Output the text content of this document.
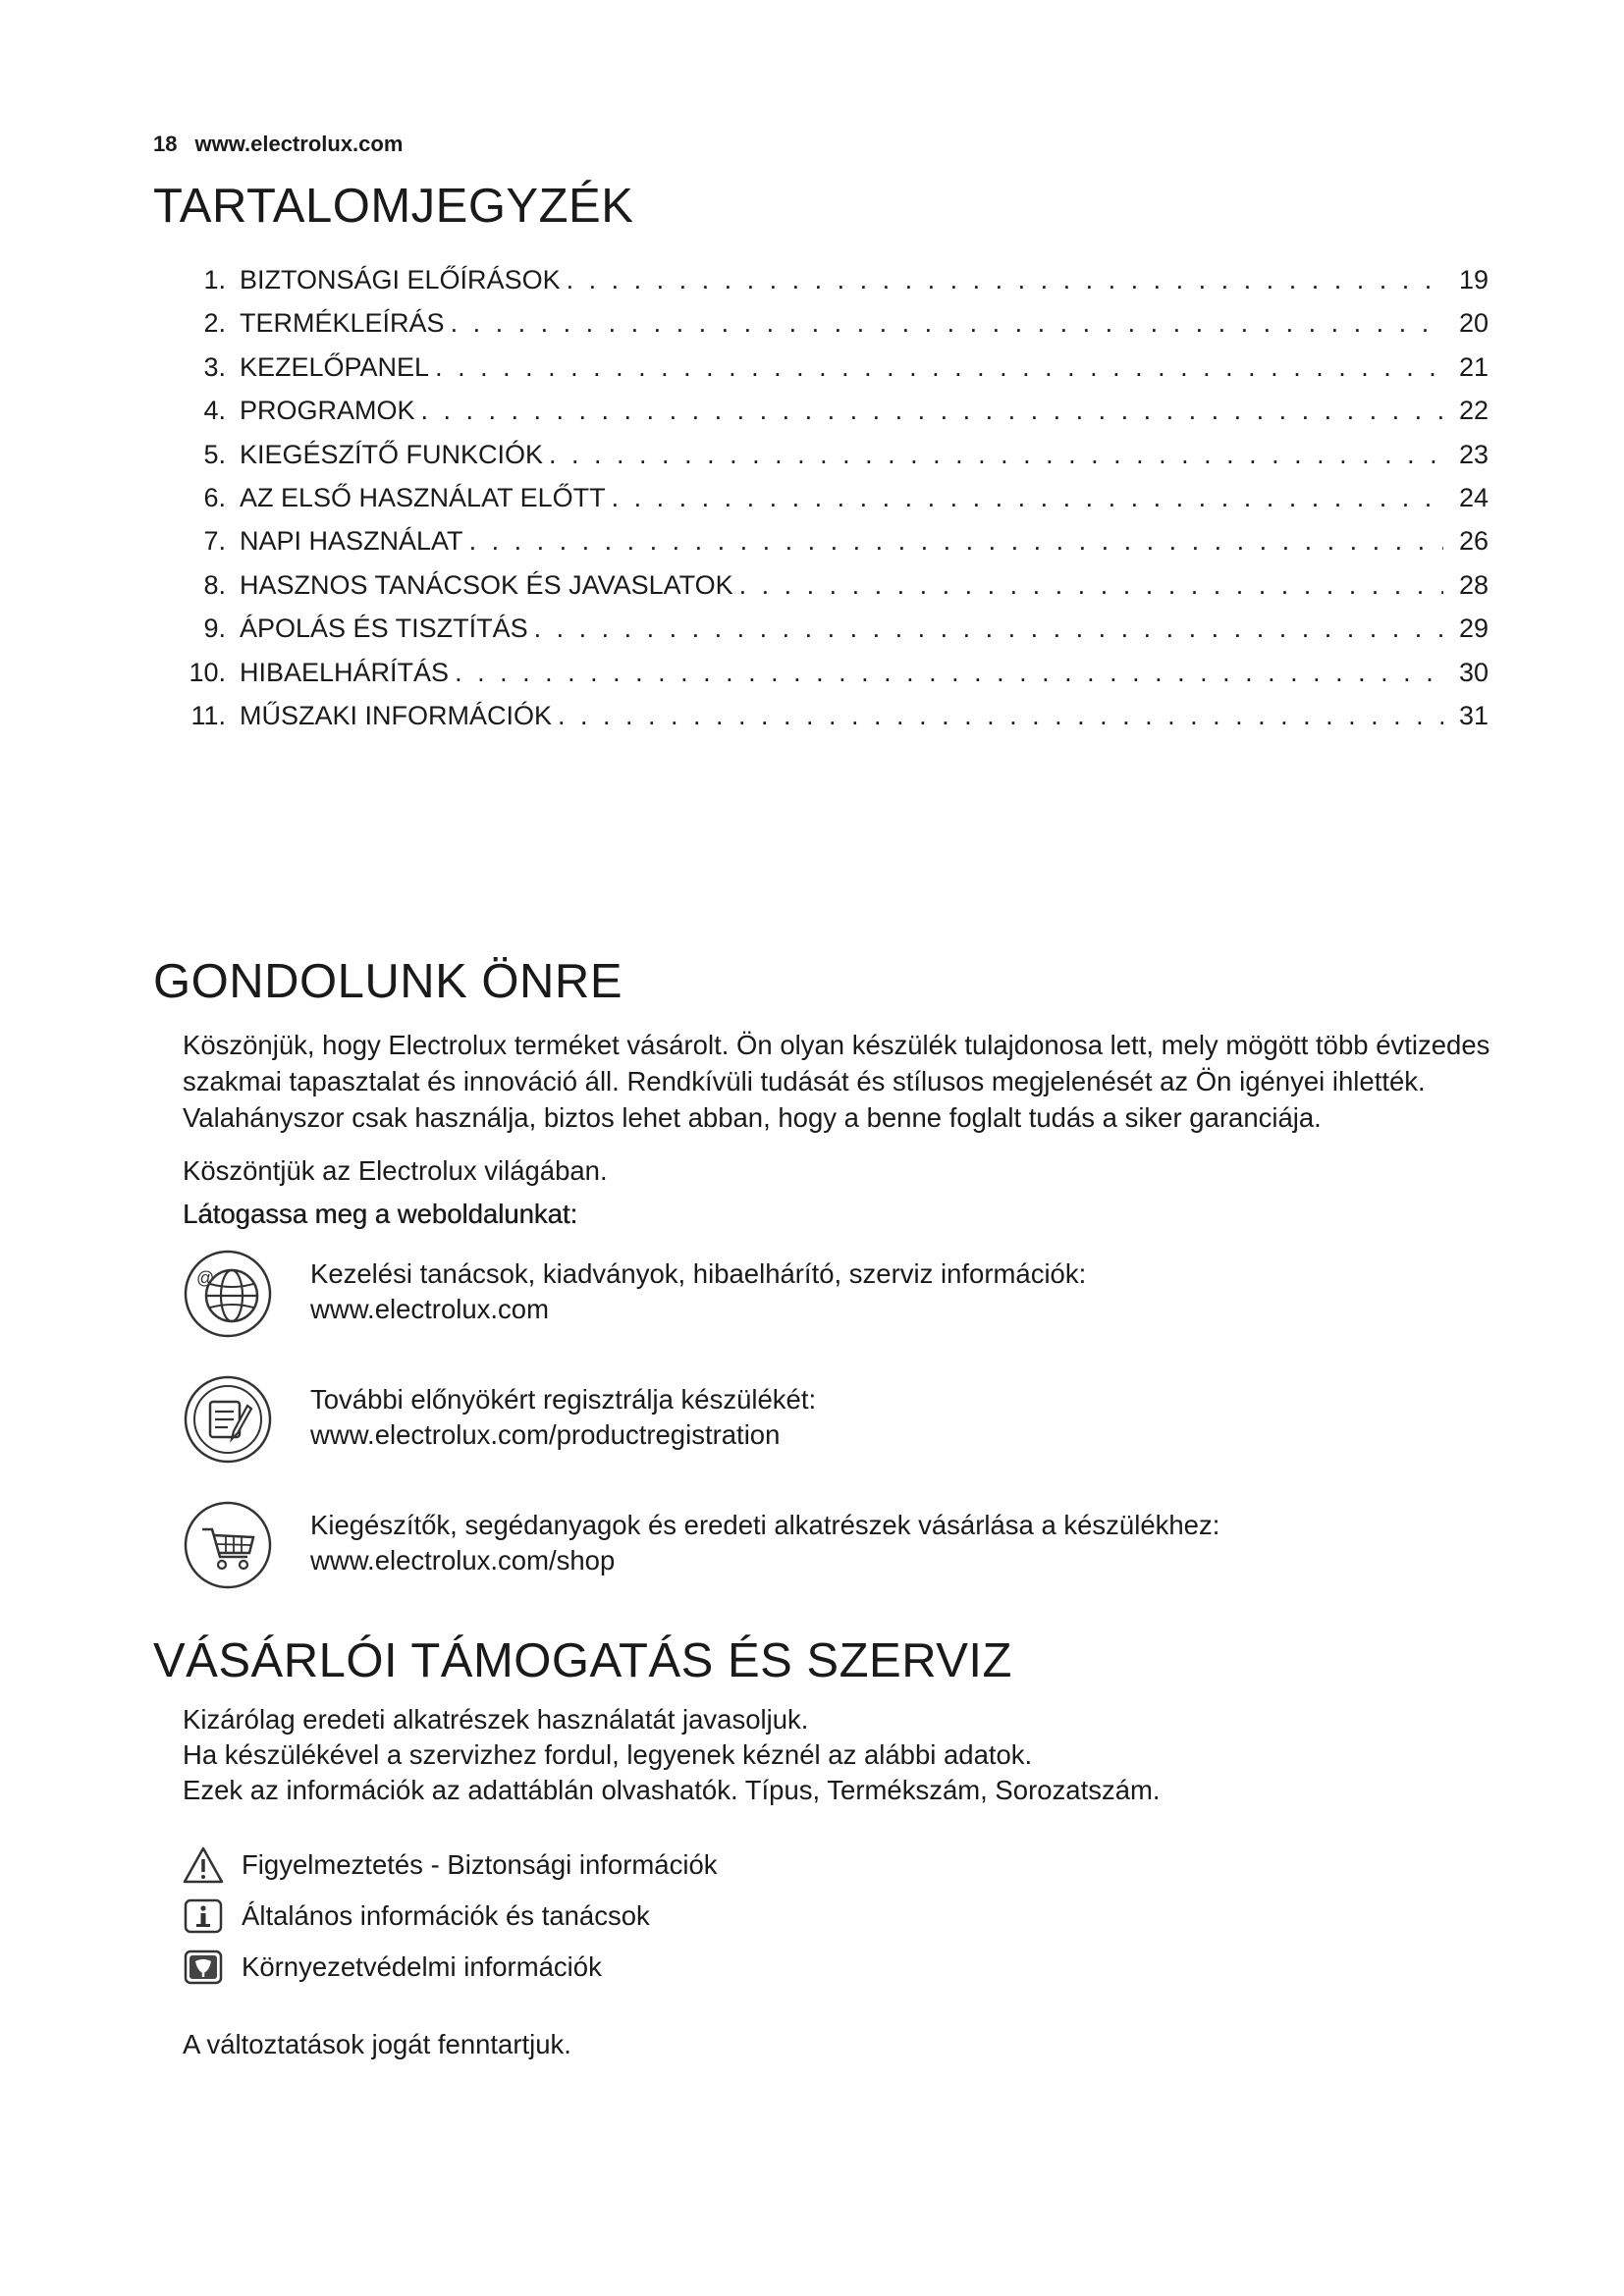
18 www.electrolux.com
TARTALOMJEGYZÉK
1. BIZTONSÁGI ELŐÍRÁSOK . . .	19
2. TERMÉKLEÍRÁS . . .	20
3. KEZELŐPANEL . . .	21
4. PROGRAMOK . . .	22
5. KIEGÉSZÍTŐ FUNKCIÓK . . .	23
6. AZ ELSŐ HASZNÁLAT ELŐTT . . .	24
7. NAPI HASZNÁLAT . . .	26
8. HASZNOS TANÁCSOK ÉS JAVASLATOK . . .	28
9. ÁPOLÁS ÉS TISZTÍTÁS . . .	29
10. HIBAELHÁRÍTÁS . . .	30
11. MŰSZAKI INFORMÁCIÓK . . .	31
GONDOLUNK ÖNRE

Köszönjük, hogy Electrolux terméket vásárolt. Ön olyan készülék tulajdonosa lett, mely mögött több évtizedes
szakmai tapasztalat és innováció áll. Rendkívüli tudását és stílusos megjelenését az Ön igényei ihlették.
Valahányszor csak használja, biztos lehet abban, hogy a benne foglalt tudás a siker garanciája.

Köszöntjük az Electrolux világában.

Látogassa meg a weboldalunkat:

@	Kezelési tanácsok, kiadványok, hibaelhárító, szerviz információk:
www.electrolux.com
További előnyökért regisztrálja készülékét:
www.electrolux.com/productregistration
Kiegészítők, segédanyagok és eredeti alkatrészek vásárlása a készülékhez:
www.electrolux.com/shop
VÁSÁRLÓI TÁMOGATÁS ÉS SZERVIZ

Kizárólag eredeti alkatrészek használatát javasoljuk.
Ha készülékével a szervizhez fordul, legyenek kéznél az alábbi adatok.
Ezek az információk az adattáblán olvashatók. Típus, Termékszám, Sorozatszám.

Figyelmeztetés - Biztonsági információk
Általános információk és tanácsok
Környezetvédelmi információk

A változtatások jogát fenntartjuk.
